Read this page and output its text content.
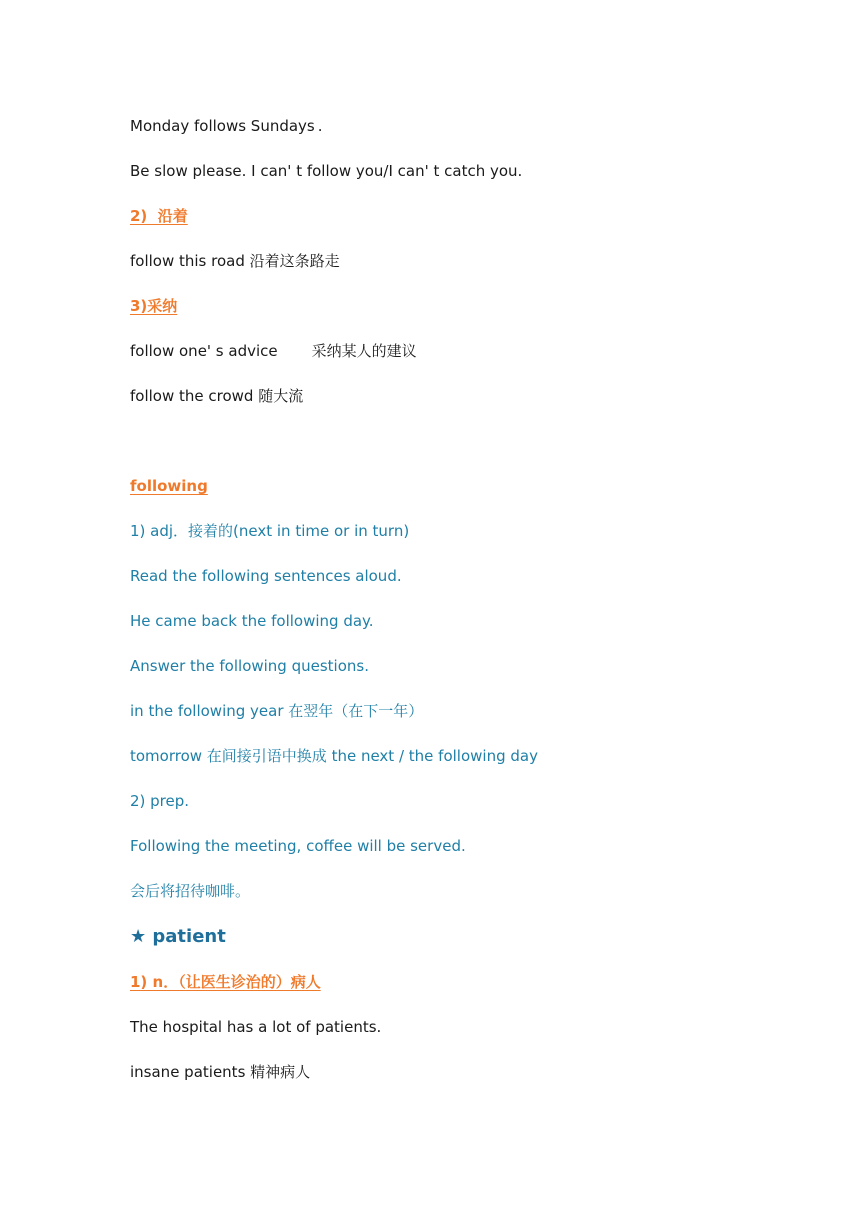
Monday follows Sundays .
Be slow please. I can' t follow you/I can' t catch you.
2)  沿着
follow this road 沿着这条路走
3)采纳
follow one' s advice 采纳某人的建议
follow the crowd 随大流
following
1) adj．接着的(next in time or in turn)
Read the following sentences aloud.
He came back the following day.
Answer the following questions.
in the following year 在翌年（在下一年）
tomorrow 在间接引语中换成 the next / the following day
2) prep.
Following the meeting, coffee will be served.
会后将招待咖啡。
★ patient
1) n．（让医生诊治的）病人
The hospital has a lot of patients.
insane patients 精神病人
